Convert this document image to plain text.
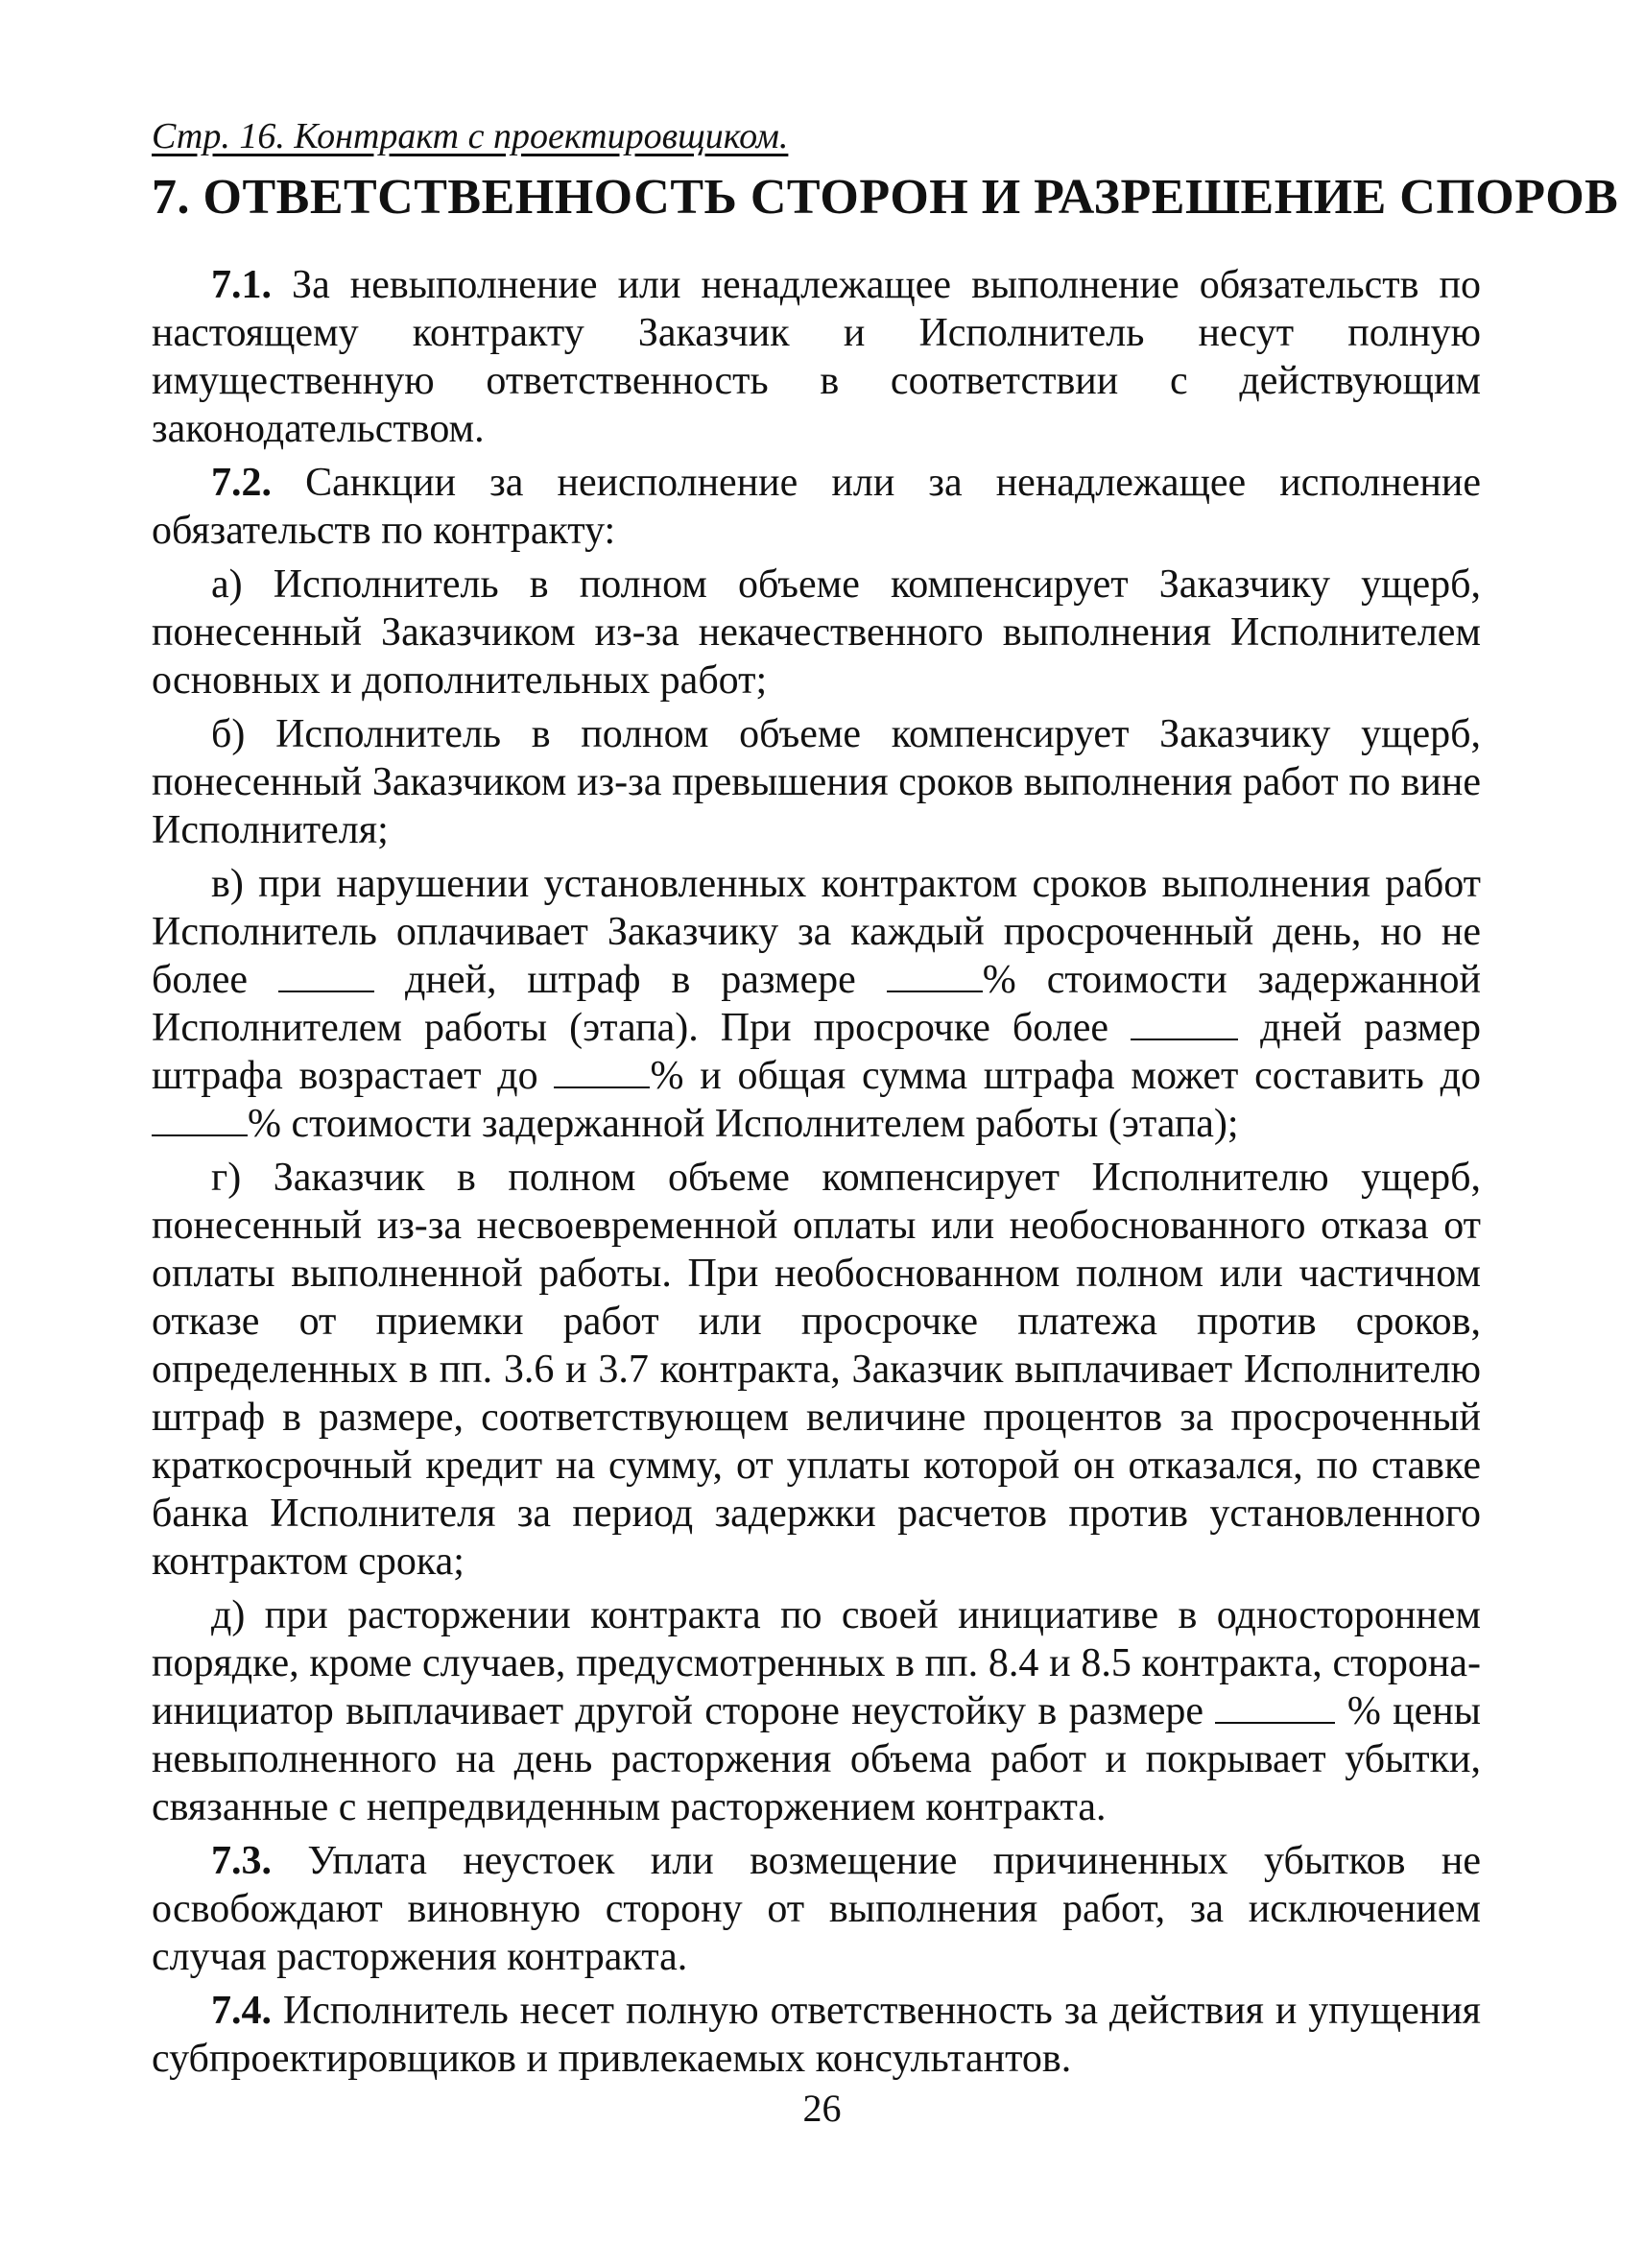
Стр. 16. Контракт с проектировщиком.

7. ОТВЕТСТВЕННОСТЬ СТОРОН И РАЗРЕШЕНИЕ СПОРОВ

7.1. За невыполнение или ненадлежащее выполнение обязательств по настоящему контракту Заказчик и Исполнитель несут полную имущественную ответственность в соответствии с действующим законодательством.

7.2. Санкции за неисполнение или за ненадлежащее исполнение обязательств по контракту:

а) Исполнитель в полном объеме компенсирует Заказчику ущерб, понесенный Заказчиком из-за некачественного выполнения Исполнителем основных и дополнительных работ;

б) Исполнитель в полном объеме компенсирует Заказчику ущерб, понесенный Заказчиком из-за превышения сроков выполнения работ по вине Исполнителя;

в) при нарушении установленных контрактом сроков выполнения работ Исполнитель оплачивает Заказчику за каждый просроченный день, но не более	дней, штраф в размере	% стоимости задержанной Исполнителем работы (этапа). При просрочке более	дней размер штрафа возрастает до	% и общая сумма штрафа может составить до % стоимости задержанной Исполнителем работы (этапа);

г) Заказчик в полном объеме компенсирует Исполнителю ущерб, понесенный из-за несвоевременной оплаты или необоснованного отказа от оплаты выполненной работы. При необоснованном полном или частичном отказе от приемки работ или просрочке платежа против сроков, определенных в пп. 3.6 и 3.7 контракта, Заказчик выплачивает Исполнителю штраф в размере, соответствующем величине процентов за просроченный краткосрочный кредит на сумму, от уплаты которой он отказался, по ставке банка Исполнителя за период задержки расчетов против установленного контрактом срока;

д) при расторжении контракта по своей инициативе в одностороннем порядке, кроме случаев, предусмотренных в пп. 8.4 и 8.5 контракта, сторона-инициатор выплачивает другой стороне неустойку в размере	% цены невыполненного на день расторжения объема работ и покрывает убытки, связанные с непредвиденным расторжением контракта.

7.3. Уплата неустоек или возмещение причиненных убытков не освобождают виновную сторону от выполнения работ, за исключением случая расторжения контракта.

7.4. Исполнитель несет полную ответственность за действия и упущения субпроектировщиков и привлекаемых консультантов.

26
